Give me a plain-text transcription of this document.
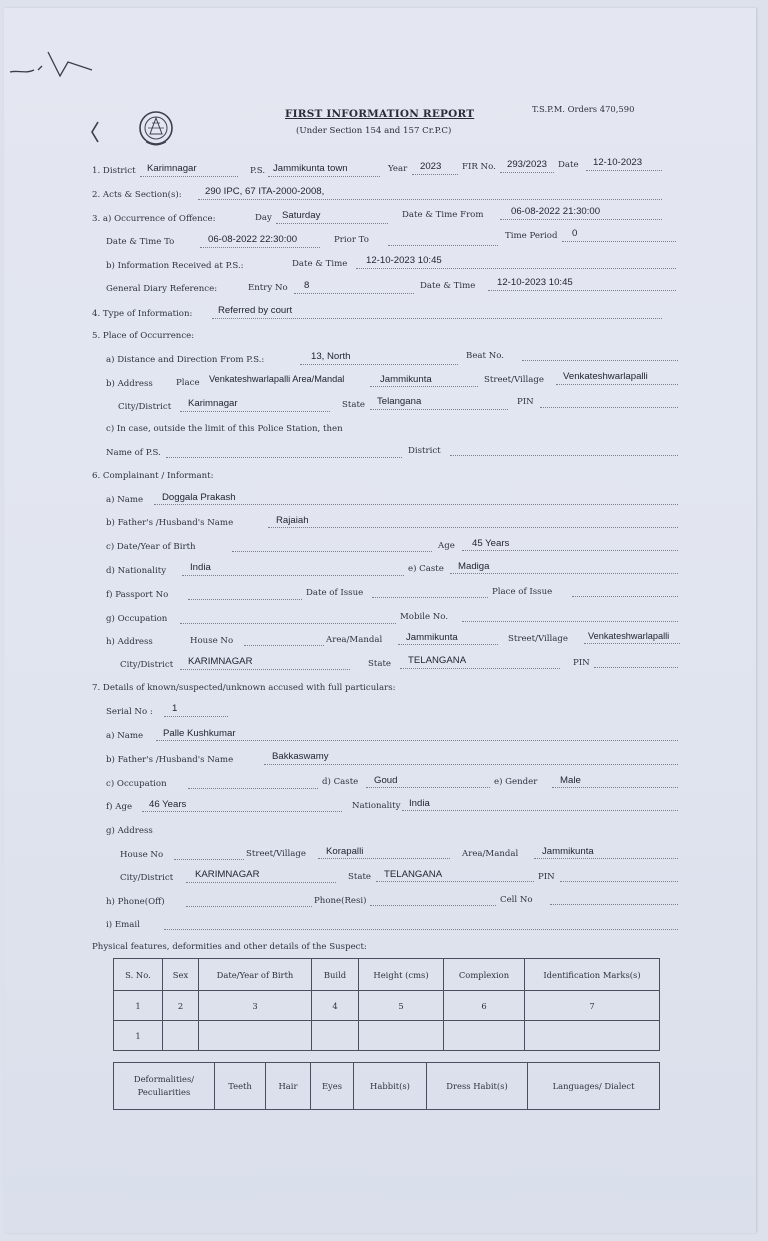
T.S.P.M. Orders 470,590
FIRST INFORMATION REPORT
(Under Section 154 and 157 Cr.P.C)
1. District Karimnagar	P.S. Jammikunta town	Year 2023 FIR No. 293/2023 Date 12-10-2023
2. Acts & Section(s): 290 IPC, 67 ITA-2000-2008,
3. a) Occurrence of Offence:	Day Saturday	Date & Time From	06-08-2022 21:30:00
Date & Time To	06-08-2022 22:30:00	Prior To	Time Period 0
b) Information Received at P.S.:	Date & Time 12-10-2023 10:45
General Diary Reference:	Entry No 8	Date & Time 12-10-2023 10:45
4. Type of Information:	Referred by court
5. Place of Occurrence:
a) Distance and Direction From P.S.:	13, North	Beat No.
b) Address	Place Venkateshwarlapalli Area/Mandal	Jammikunta	Street/Village Venkateshwarlapalli
City/District Karimnagar	State Telangana	PIN
c) In case, outside the limit of this Police Station, then
Name of P.S.	District
6. Complainant / Informant:
a) Name Doggala Prakash
b) Father's /Husband's Name	Rajaiah
c) Date/Year of Birth	Age 45 Years
d) Nationality India	e) Caste Madiga
f) Passport No	Date of Issue	Place of Issue
g) Occupation	Mobile No.
h) Address	House No	Area/Mandal Jammikunta	Street/Village Venkateshwarlapalli
City/District KARIMNAGAR	State TELANGANA	PIN
7. Details of known/suspected/unknown accused with full particulars:
Serial No : 1
a) Name Palle Kushkumar
b) Father's /Husband's Name	Bakkaswamy
c) Occupation	d) Caste Goud	e) Gender Male
f) Age 46 Years	Nationality India
g) Address
House No	Street/Village Korapalli	Area/Mandal Jammikunta
City/District KARIMNAGAR	State TELANGANA	PIN
h) Phone(Off)	Phone(Resi)	Cell No
i) Email
Physical features, deformities and other details of the Suspect:
S. No.	Sex	Date/Year of Birth	Build	Height (cms)	Complexion	Identification Marks(s)
1	2	3	4	5	6	7
1						
Deformalities/ Peculiarities	Teeth	Hair	Eyes	Habbit(s)	Dress Habit(s)	Languages/ Dialect
